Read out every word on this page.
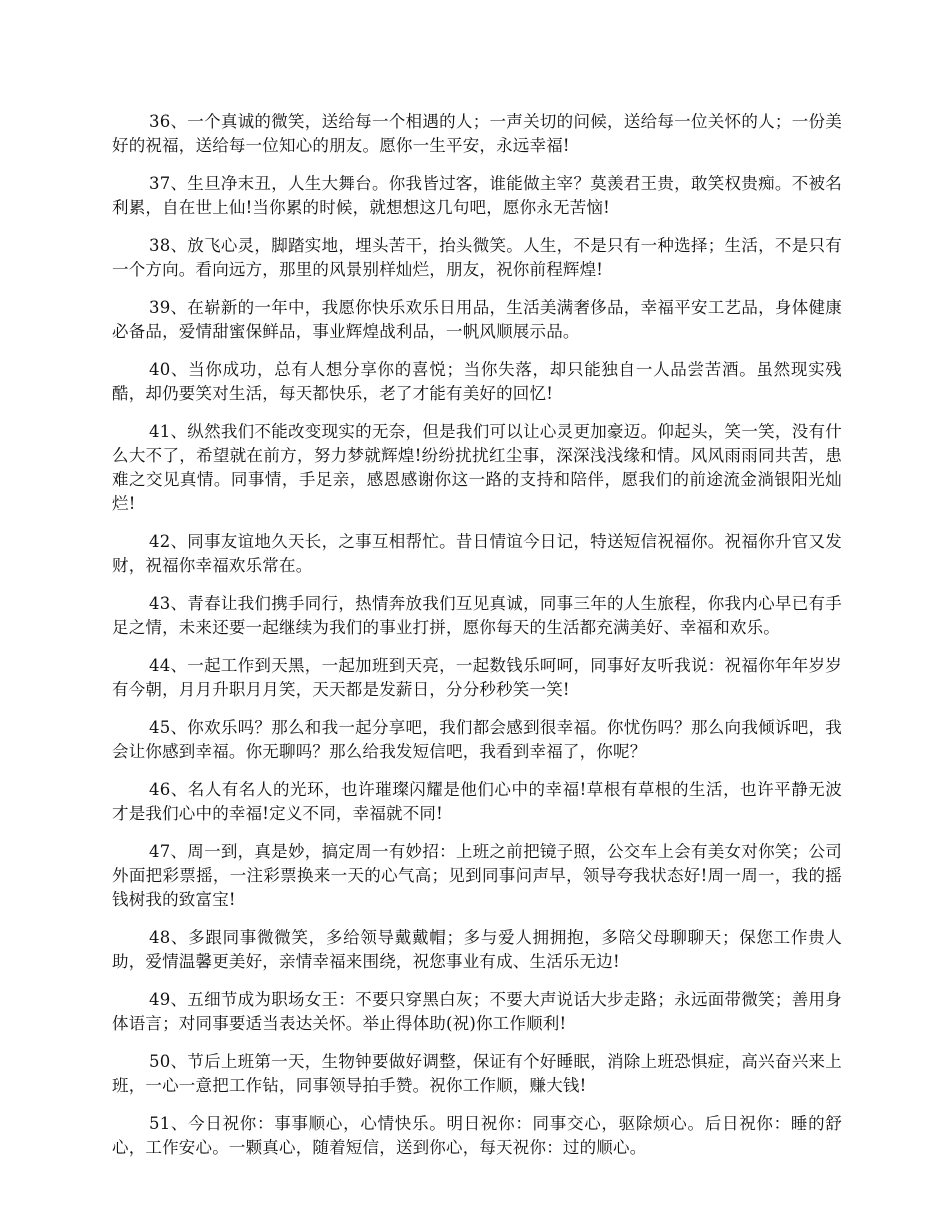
36、一个真诚的微笑，送给每一个相遇的人；一声关切的问候，送给每一位关怀的人；一份美好的祝福，送给每一位知心的朋友。愿你一生平安，永远幸福!

37、生旦净末丑，人生大舞台。你我皆过客，谁能做主宰？莫羡君王贵，敢笑权贵痴。不被名利累，自在世上仙!当你累的时候，就想想这几句吧，愿你永无苦恼!

38、放飞心灵，脚踏实地，埋头苦干，抬头微笑。人生，不是只有一种选择；生活，不是只有一个方向。看向远方，那里的风景别样灿烂，朋友，祝你前程辉煌!

39、在崭新的一年中，我愿你快乐欢乐日用品，生活美满奢侈品，幸福平安工艺品，身体健康必备品，爱情甜蜜保鲜品，事业辉煌战利品，一帆风顺展示品。

40、当你成功，总有人想分享你的喜悦；当你失落，却只能独自一人品尝苦酒。虽然现实残酷，却仍要笑对生活，每天都快乐，老了才能有美好的回忆!

41、纵然我们不能改变现实的无奈，但是我们可以让心灵更加豪迈。仰起头，笑一笑，没有什么大不了，希望就在前方，努力梦就辉煌!纷纷扰扰红尘事，深深浅浅缘和情。风风雨雨同共苦，患难之交见真情。同事情，手足亲，感恩感谢你这一路的支持和陪伴，愿我们的前途流金淌银阳光灿烂!

42、同事友谊地久天长，之事互相帮忙。昔日情谊今日记，特送短信祝福你。祝福你升官又发财，祝福你幸福欢乐常在。

43、青春让我们携手同行，热情奔放我们互见真诚，同事三年的人生旅程，你我内心早已有手足之情，未来还要一起继续为我们的事业打拼，愿你每天的生活都充满美好、幸福和欢乐。

44、一起工作到天黑，一起加班到天亮，一起数钱乐呵呵，同事好友听我说：祝福你年年岁岁有今朝，月月升职月月笑，天天都是发薪日，分分秒秒笑一笑!

45、你欢乐吗？那么和我一起分享吧，我们都会感到很幸福。你忧伤吗？那么向我倾诉吧，我会让你感到幸福。你无聊吗？那么给我发短信吧，我看到幸福了，你呢？

46、名人有名人的光环，也许璀璨闪耀是他们心中的幸福!草根有草根的生活，也许平静无波才是我们心中的幸福!定义不同，幸福就不同!

47、周一到，真是妙，搞定周一有妙招：上班之前把镜子照，公交车上会有美女对你笑；公司外面把彩票摇，一注彩票换来一天的心气高；见到同事问声早，领导夸我状态好!周一周一，我的摇钱树我的致富宝!

48、多跟同事微微笑，多给领导戴戴帽；多与爱人拥拥抱，多陪父母聊聊天；保您工作贵人助，爱情温馨更美好，亲情幸福来围绕，祝您事业有成、生活乐无边!

49、五细节成为职场女王：不要只穿黑白灰；不要大声说话大步走路；永远面带微笑；善用身体语言；对同事要适当表达关怀。举止得体助(祝)你工作顺利!

50、节后上班第一天，生物钟要做好调整，保证有个好睡眠，消除上班恐惧症，高兴奋兴来上班，一心一意把工作钻，同事领导拍手赞。祝你工作顺，赚大钱!

51、今日祝你：事事顺心，心情快乐。明日祝你：同事交心，驱除烦心。后日祝你：睡的舒心，工作安心。一颗真心，随着短信，送到你心，每天祝你：过的顺心。
